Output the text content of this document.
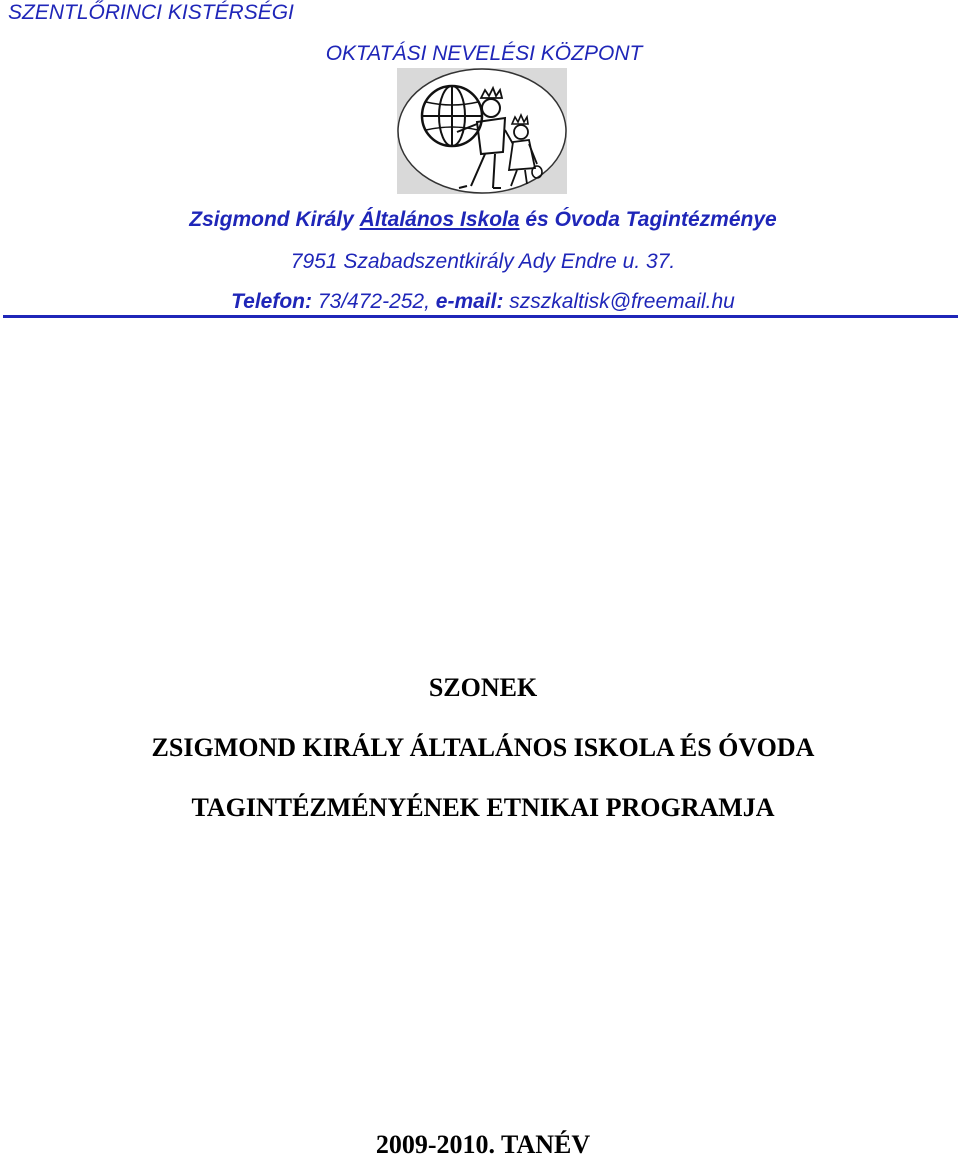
SZENTLŐRINCI KISTÉRSÉGI
OKTATÁSI NEVELÉSI KÖZPONT
Zsigmond Király Általános Iskola és Óvoda Tagintézménye
7951 Szabadszentkirály Ady Endre u. 37.
Telefon: 73/472-252, e-mail: szszkaltisk@freemail.hu
SZONEK
ZSIGMOND KIRÁLY ÁLTALÁNOS ISKOLA ÉS ÓVODA
TAGINTÉZMÉNYÉNEK ETNIKAI PROGRAMJA
2009-2010. TANÉV
